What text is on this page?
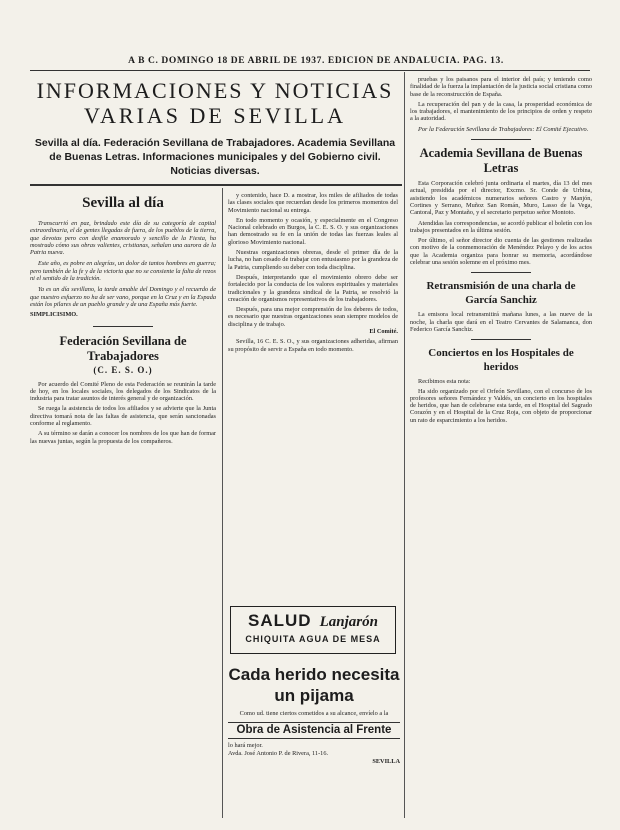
A B C. DOMINGO 18 DE ABRIL DE 1937. EDICION DE ANDALUCIA. PAG. 13.
INFORMACIONES Y NOTICIAS
VARIAS DE SEVILLA
Sevilla al día. Federación Sevillana de Trabajadores. Academia Sevillana de Buenas Letras. Informaciones municipales y del Gobierno civil. Noticias diversas.
Sevilla al día

Transcurrió en paz, brindado este día de su categoría de capital extraordinaria, el de gentes llegadas de fuera, de los pueblos de la tierra, que devotas pero con desfile enamorado y sencillo de la Fiesta, ha mostrado cómo sus obras valientes, cristianas, señalan una aurora de la Patria nueva.

Este año, es pobre en alegrías, un dolor de tantos hombres en guerra; pero también de la fe y de la victoria que no se consiente la falta de rezos ni el sentido de la tradición.

Ya es un día sevillano, la tarde amable del Domingo y el recuerdo de que nuestro esfuerzo no ha de ser vano, porque en la Cruz y en la Espada están los pilares de un pueblo grande y de una España más fuerte.

SIMPLICISIMO.
Federación Sevillana de Trabajadores
(C. E. S. O.)

Por acuerdo del Comité Pleno de esta Federación se reunirán la tarde de hoy, en los locales sociales, los delegados de los Sindicatos de la industria para tratar asuntos de interés general y de organización.

Se ruega la asistencia de todos los afiliados y se advierte que la Junta directiva tomará nota de las faltas de asistencia, que serán sancionadas conforme al reglamento.

A su término se darán a conocer los nombres de los que han de formar las nuevas juntas, según la propuesta de los compañeros.

y contenido, hace D. a mostrar, los miles de afiliados de todas las clases sociales que recuerdan desde los primeros momentos del Movimiento nacional su entrega.

En todo momento y ocasión, y especialmente en el Congreso Nacional celebrado en Burgos, la C. E. S. O. y sus organizaciones han demostrado su fe en la unión de todas las fuerzas leales al glorioso Movimiento nacional.

Nuestras organizaciones obreras, desde el primer día de la lucha, no han cesado de trabajar con entusiasmo por la grandeza de la Patria, cumpliendo su deber con toda disciplina.

Después, interpretando que el movimiento obrero debe ser fortalecido por la conducta de los valores espirituales y materiales tradicionales y la grandeza sindical de la Patria, se resolvió la creación de organismos representativos de los trabajadores.

Después, para una mejor comprensión de los deberes de todos, es necesario que nuestras organizaciones sean siempre modelos de disciplina y de trabajo.

El Comité.

Sevilla, 16 C. E. S. O., y sus organizaciones adheridas, afirman su propósito de servir a España en todo momento.

SALUD Lanjarón
CHIQUITA AGUA DE MESA
Cada herido necesita un pijama
Como ud. tiene ciertos cometidos a su alcance, envíelo a la
Obra de Asistencia al Frente
lo hará mejor.
Avda. José Antonio P. de Rivera, 11-16.
SEVILLA

pruebas y los paisanos para el interior del país; y teniendo como finalidad de la fuerza la implantación de la justicia social cristiana como base de la reconstrucción de España.

La recuperación del pan y de la casa, la prosperidad económica de los trabajadores, el mantenimiento de los principios de orden y respeto a la autoridad.

Por la Federación Sevillana de Trabajadores: El Comité Ejecutivo.
Academia Sevillana de Buenas Letras

Esta Corporación celebró junta ordinaria el martes, día 13 del mes actual, presidida por el director, Excmo. Sr. Conde de Urbina, asistiendo los académicos numerarios señores Castro y Manjón, Cortines y Serrano, Muñoz San Román, Muro, Lasso de la Vega, Cantoral, Paz y Montaño, y el secretario perpetuo señor Montoto.

Atendidas las correspondencias, se acordó publicar el boletín con los trabajos presentados en la última sesión.

Por último, el señor director dio cuenta de las gestiones realizadas con motivo de la conmemoración de Menéndez Pelayo y de los actos que la Academia organiza para honrar su memoria, acordándose celebrar una sesión solemne en el próximo mes.

Retransmisión de una charla de García Sanchiz

La emisora local retransmitirá mañana lunes, a las nueve de la noche, la charla que dará en el Teatro Cervantes de Salamanca, don Federico García Sanchiz.

Conciertos en los Hospitales de heridos

Recibimos esta nota:

Ha sido organizado por el Orfeón Sevillano, con el concurso de los profesores señores Fernández y Valdés, un concierto en los hospitales de heridos, que han de celebrarse esta tarde, en el Hospital del Sagrado Corazón y en el Hospital de la Cruz Roja, con objeto de proporcionar un rato de esparcimiento a los heridos.
